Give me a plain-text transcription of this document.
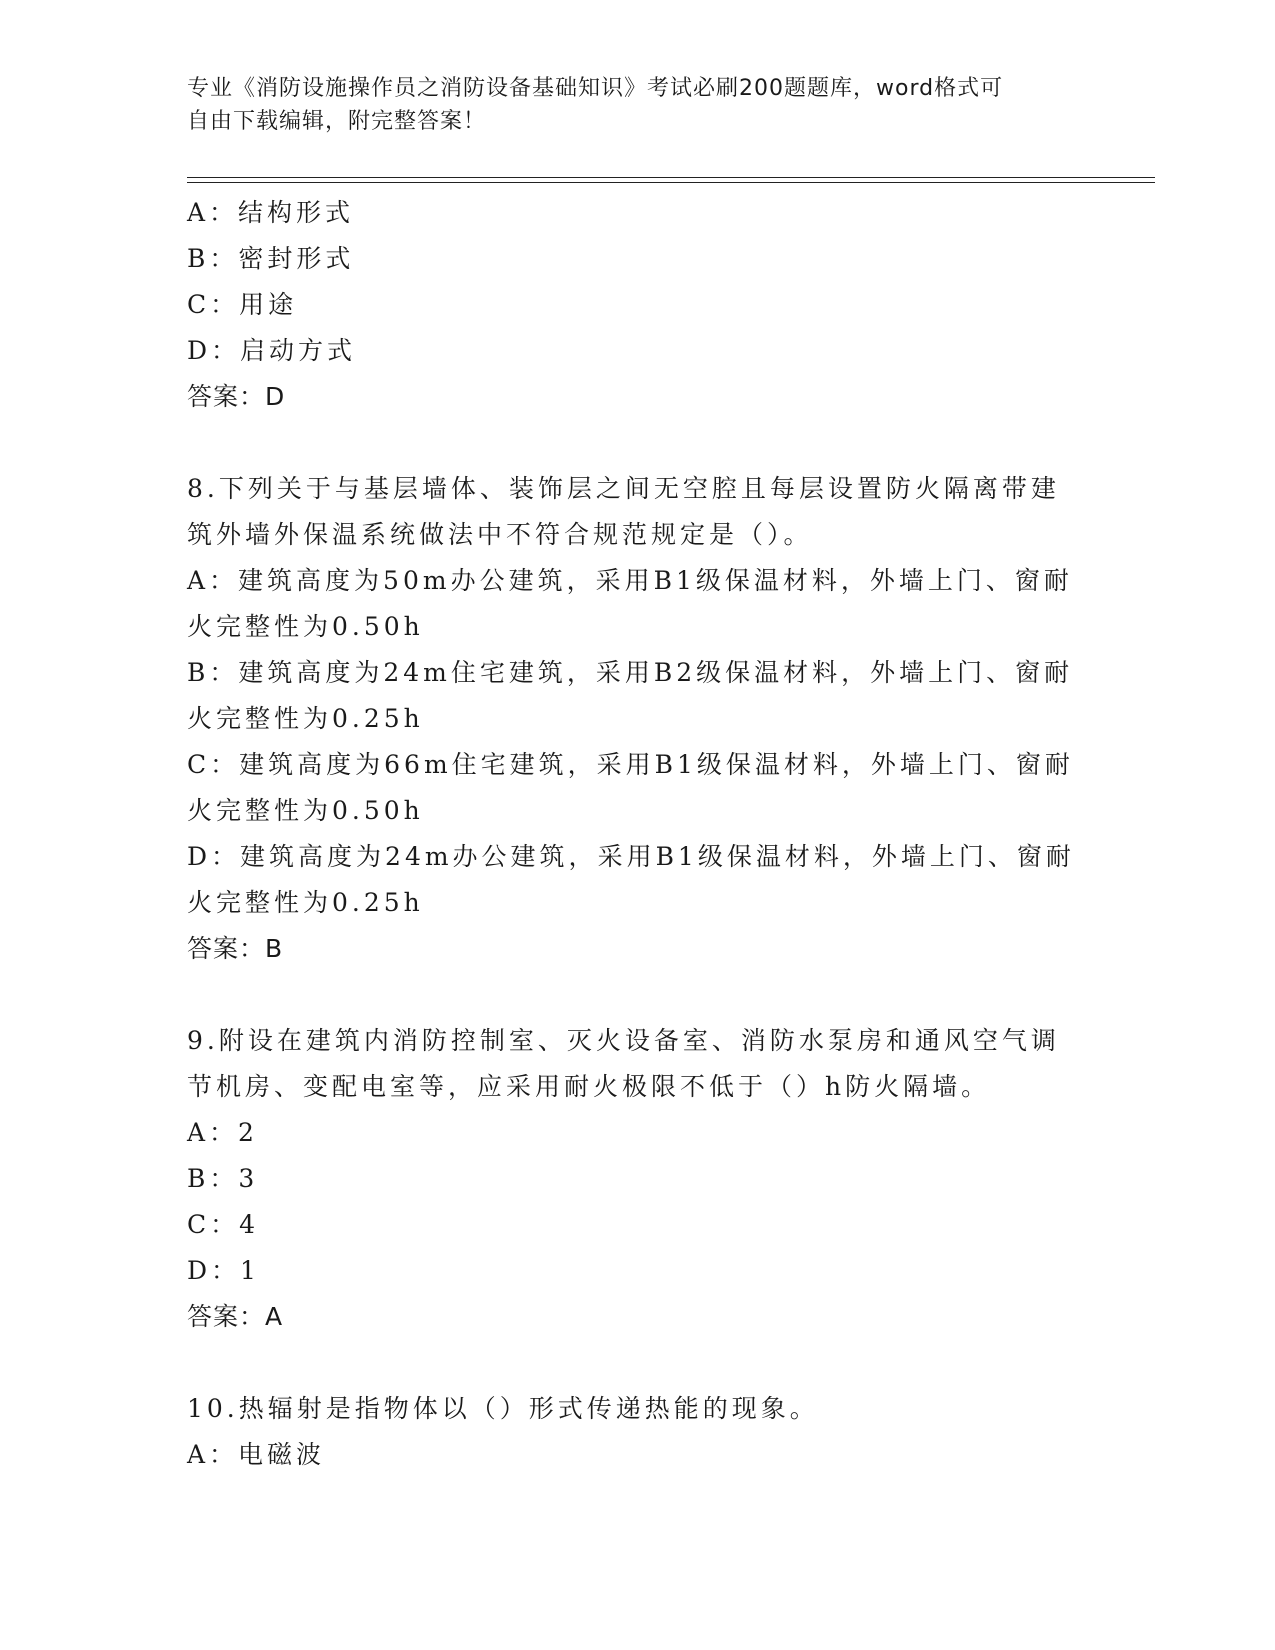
专业《消防设施操作员之消防设备基础知识》考试必刷200题题库，word格式可
自由下载编辑，附完整答案！
A：结构形式
B：密封形式
C：用途
D：启动方式
答案：D
8.下列关于与基层墙体、装饰层之间无空腔且每层设置防火隔离带建
筑外墙外保温系统做法中不符合规范规定是（）。
A：建筑高度为50m办公建筑，采用B1级保温材料，外墙上门、窗耐
火完整性为0.50h
B：建筑高度为24m住宅建筑，采用B2级保温材料，外墙上门、窗耐
火完整性为0.25h
C：建筑高度为66m住宅建筑，采用B1级保温材料，外墙上门、窗耐
火完整性为0.50h
D：建筑高度为24m办公建筑，采用B1级保温材料，外墙上门、窗耐
火完整性为0.25h
答案：B
9.附设在建筑内消防控制室、灭火设备室、消防水泵房和通风空气调
节机房、变配电室等，应采用耐火极限不低于（）h防火隔墙。
A：2
B：3
C：4
D：1
答案：A
10.热辐射是指物体以（）形式传递热能的现象。
A：电磁波
